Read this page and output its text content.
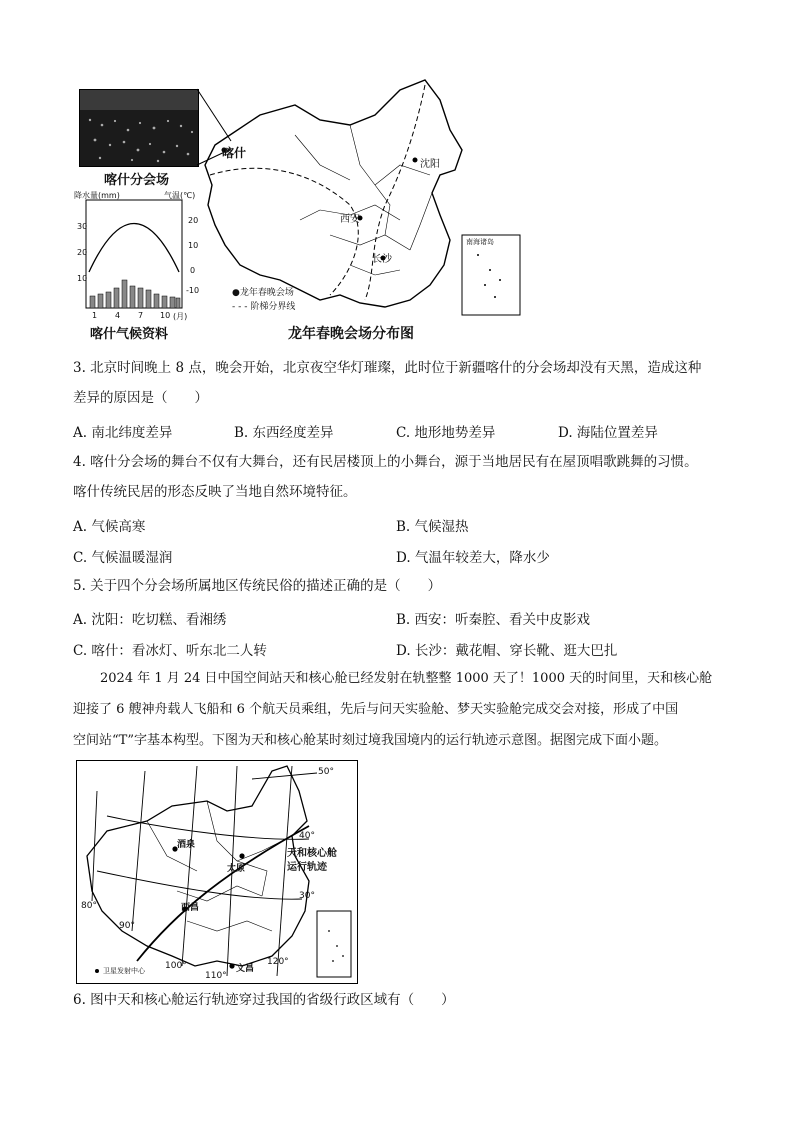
喀什分会场
降水量(mm)	气温(℃)
30
20
10
20
10
0
-10
1 4 7 10 (月)
喀什气候资料
喀什
沈阳
西安
长沙
南海诸岛
●龙年春晚会场
- - - 阶梯分界线
龙年春晚会场分布图
3. 北京时间晚上 8 点，晚会开始，北京夜空华灯璀璨，此时位于新疆喀什的分会场却没有天黑，造成这种
差异的原因是（　　）
A. 南北纬度差异	B. 东西经度差异	C. 地形地势差异	D. 海陆位置差异
4. 喀什分会场的舞台不仅有大舞台，还有民居楼顶上的小舞台，源于当地居民有在屋顶唱歌跳舞的习惯。
喀什传统民居的形态反映了当地自然环境特征。
A. 气候高寒	B. 气候湿热
C. 气候温暖湿润	D. 气温年较差大，降水少
5. 关于四个分会场所属地区传统民俗的描述正确的是（　　）
A. 沈阳：吃切糕、看湘绣	B. 西安：听秦腔、看关中皮影戏
C. 喀什：看冰灯、听东北二人转	D. 长沙：戴花帽、穿长靴、逛大巴扎
2024 年 1 月 24 日中国空间站天和核心舱已经发射在轨整整 1000 天了！1000 天的时间里，天和核心舱
迎接了 6 艘神舟载人飞船和 6 个航天员乘组，先后与问天实验舱、梦天实验舱完成交会对接，形成了中国
空间站“T”字基本构型。下图为天和核心舱某时刻过境我国境内的运行轨迹示意图。据图完成下面小题。
50°
40°
30°
80°
90°
100°
110°
120°
酒泉
太原
西昌
文昌
天和核心舱运行轨迹
卫星发射中心
6. 图中天和核心舱运行轨迹穿过我国的省级行政区域有（　　）
